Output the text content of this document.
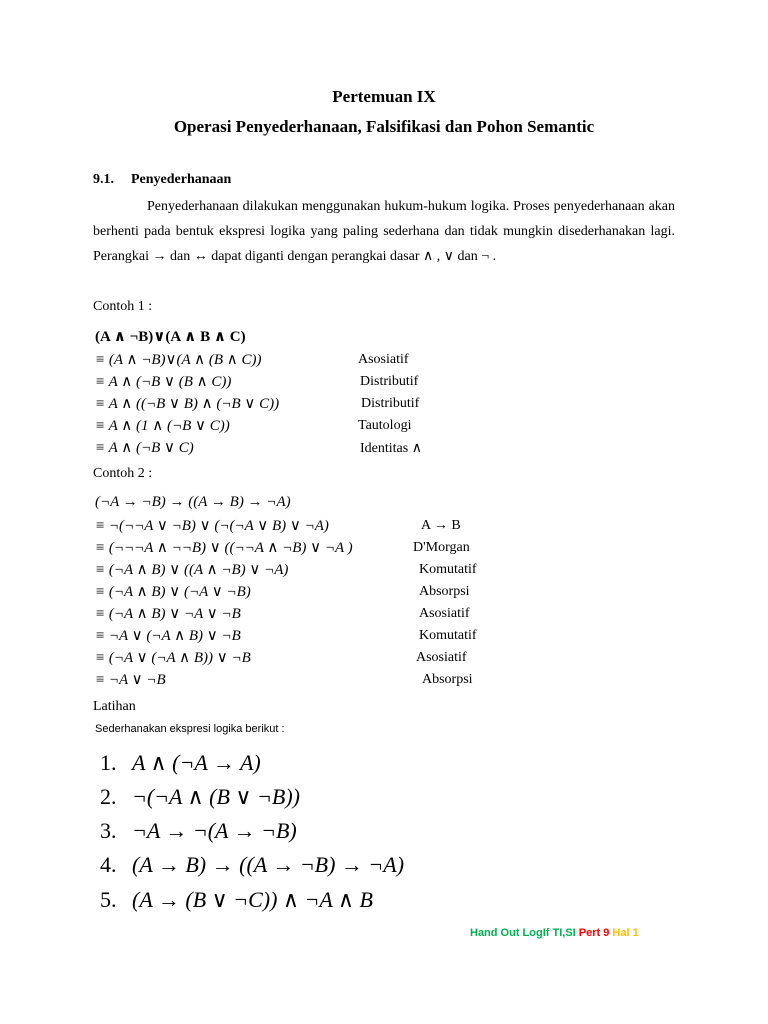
Pertemuan IX
Operasi Penyederhanaan, Falsifikasi dan Pohon Semantic
9.1. Penyederhanaan

Penyederhanaan dilakukan menggunakan hukum-hukum logika. Proses penyederhanaan akan berhenti pada bentuk ekspresi logika yang paling sederhana dan tidak mungkin disederhanakan lagi. Perangkai → dan ↔ dapat diganti dengan perangkai dasar ∧ , ∨ dan ¬ .

Contoh 1 :
(A ∧ ¬B)∨(A ∧ B ∧ C)
≡ (A ∧ ¬B)∨(A ∧ (B ∧ C))	Asosiatif
≡ A ∧ (¬B ∨ (B ∧ C))	Distributif
≡ A ∧ ((¬B ∨ B) ∧ (¬B ∨ C))	Distributif
≡ A ∧ (1 ∧ (¬B ∨ C))	Tautologi
≡ A ∧ (¬B ∨ C)	Identitas ∧
Contoh 2 :
(¬A → ¬B) → ((A → B) → ¬A)
≡ ¬(¬¬A ∨ ¬B) ∨ (¬(¬A ∨ B) ∨ ¬A)	A → B
≡ (¬¬¬A ∧ ¬¬B) ∨ ((¬¬A ∧ ¬B) ∨ ¬A )	D'Morgan
≡ (¬A ∧ B) ∨ ((A ∧ ¬B) ∨ ¬A)	Komutatif
≡ (¬A ∧ B) ∨ (¬A ∨ ¬B)	Absorpsi
≡ (¬A ∧ B) ∨ ¬A ∨ ¬B	Asosiatif
≡ ¬A ∨ (¬A ∧ B) ∨ ¬B	Komutatif
≡ (¬A ∨ (¬A ∧ B)) ∨ ¬B	Asosiatif
≡ ¬A ∨ ¬B	Absorpsi
Latihan
Sederhanakan ekspresi logika berikut :
1. A ∧ (¬A → A)
2. ¬(¬A ∧ (B ∨ ¬B))
3. ¬A → ¬(A → ¬B)
4. (A → B) → ((A → ¬B) → ¬A)
5. (A → (B ∨ ¬C)) ∧ ¬A ∧ B
Hand Out LogIf TI,SI Pert 9 Hal 1
